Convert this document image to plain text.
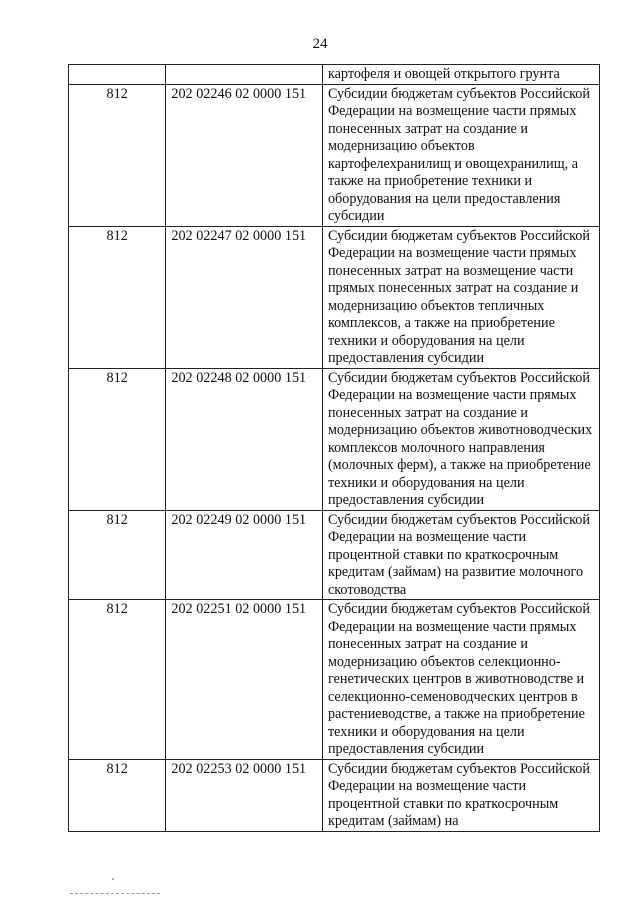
24
		картофеля и овощей открытого грунта
812	202 02246 02 0000 151	Субсидии бюджетам субъектов Российской Федерации на возмещение части прямых понесенных затрат на создание и модернизацию объектов картофелехранилищ и овощехранилищ, а также на приобретение техники и оборудования на цели предоставления субсидии
812	202 02247 02 0000 151	Субсидии бюджетам субъектов Российской Федерации на возмещение части прямых понесенных затрат на возмещение части прямых понесенных затрат на создание и модернизацию объектов тепличных комплексов, а также на приобретение техники и оборудования на цели предоставления субсидии
812	202 02248 02 0000 151	Субсидии бюджетам субъектов Российской Федерации на возмещение части прямых понесенных затрат на создание и модернизацию объектов животноводческих комплексов молочного направления (молочных ферм), а также на приобретение техники и оборудования на цели предоставления субсидии
812	202 02249 02 0000 151	Субсидии бюджетам субъектов Российской Федерации на возмещение части процентной ставки по краткосрочным кредитам (займам) на развитие молочного скотоводства
812	202 02251 02 0000 151	Субсидии бюджетам субъектов Российской Федерации на возмещение части прямых понесенных затрат на создание и модернизацию объектов селекционно-генетических центров в животноводстве и селекционно-семеноводческих центров в растениеводстве, а также на приобретение техники и оборудования на цели предоставления субсидии
812	202 02253 02 0000 151	Субсидии бюджетам субъектов Российской Федерации на возмещение части процентной ставки по краткосрочным кредитам (займам) на
